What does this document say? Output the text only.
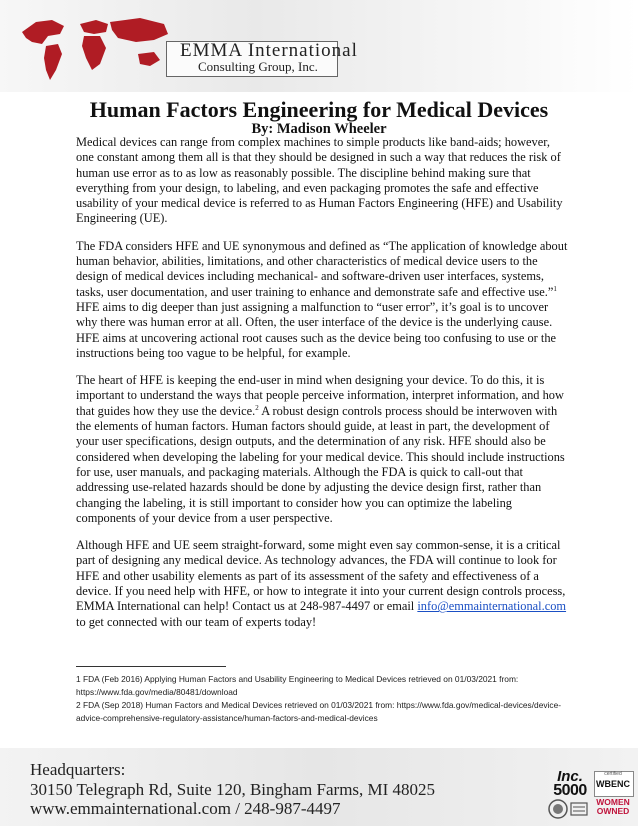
EMMA International
Consulting Group, Inc.
Human Factors Engineering for Medical Devices
By: Madison Wheeler

Medical devices can range from complex machines to simple products like band-aids; however, one constant among them all is that they should be designed in such a way that reduces the risk of human use error as to as low as reasonably possible. The discipline behind making sure that everything from your design, to labeling, and even packaging promotes the safe and effective usability of your medical device is referred to as Human Factors Engineering (HFE) and Usability Engineering (UE).

The FDA considers HFE and UE synonymous and defined as “The application of knowledge about human behavior, abilities, limitations, and other characteristics of medical device users to the design of medical devices including mechanical- and software-driven user interfaces, systems, tasks, user documentation, and user training to enhance and demonstrate safe and effective use.”$^1$ HFE aims to dig deeper than just assigning a malfunction to “user error”, it’s goal is to uncover why there was human error at all. Often, the user interface of the device is the underlying cause. HFE aims at uncovering actional root causes such as the device being too confusing to use or the instructions being too vague to be helpful, for example.

The heart of HFE is keeping the end-user in mind when designing your device. To do this, it is important to understand the ways that people perceive information, interpret information, and how that guides how they use the device.$^2$ A robust design controls process should be interwoven with the elements of human factors. Human factors should guide, at least in part, the development of your user specifications, design outputs, and the determination of any risk. HFE should also be considered when developing the labeling for your medical device. This should include instructions for use, user manuals, and packaging materials. Although the FDA is quick to call-out that addressing use-related hazards should be done by adjusting the device design first, rather than changing the labeling, it is still important to consider how you can optimize the labeling components of your device from a user perspective.

Although HFE and UE seem straight-forward, some might even say common-sense, it is a critical part of designing any medical device. As technology advances, the FDA will continue to look for HFE and other usability elements as part of its assessment of the safety and effectiveness of a device. If you need help with HFE, or how to integrate it into your current design controls process, EMMA International can help! Contact us at 248-987-4497 or email info@emmainternational.com to get connected with our team of experts today!

1 FDA (Feb 2016) Applying Human Factors and Usability Engineering to Medical Devices retrieved on 01/03/2021 from: https://www.fda.gov/media/80481/download
2 FDA (Sep 2018) Human Factors and Medical Devices retrieved on 01/03/2021 from: https://www.fda.gov/medical-devices/device-advice-comprehensive-regulatory-assistance/human-factors-and-medical-devices
Headquarters:
30150 Telegraph Rd, Suite 120, Bingham Farms, MI 48025
www.emmainternational.com / 248-987-4497
Inc.
5000
certified
WBENC
WOMEN
OWNED
